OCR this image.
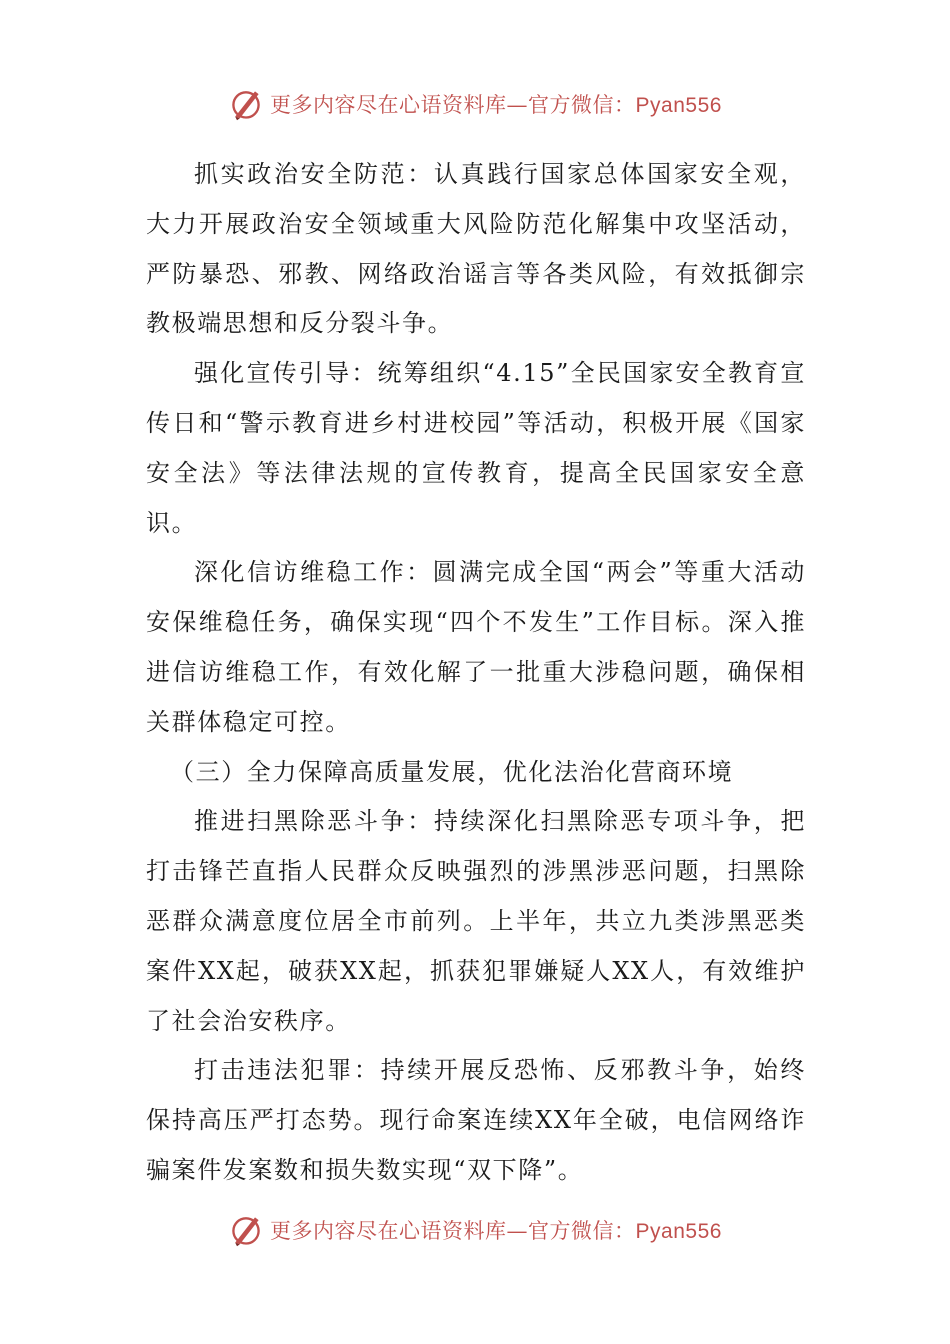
更多内容尽在心语资料库—官方微信：Pyan556

抓实政治安全防范：认真践行国家总体国家安全观，大力开展政治安全领域重大风险防范化解集中攻坚活动，严防暴恐、邪教、网络政治谣言等各类风险，有效抵御宗教极端思想和反分裂斗争。

强化宣传引导：统筹组织“4.15”全民国家安全教育宣传日和“警示教育进乡村进校园”等活动，积极开展《国家安全法》等法律法规的宣传教育，提高全民国家安全意识。

深化信访维稳工作：圆满完成全国“两会”等重大活动安保维稳任务，确保实现“四个不发生”工作目标。深入推进信访维稳工作，有效化解了一批重大涉稳问题，确保相关群体稳定可控。

（三）全力保障高质量发展，优化法治化营商环境

推进扫黑除恶斗争：持续深化扫黑除恶专项斗争，把打击锋芒直指人民群众反映强烈的涉黑涉恶问题，扫黑除恶群众满意度位居全市前列。上半年，共立九类涉黑恶类案件XX起，破获XX起，抓获犯罪嫌疑人XX人，有效维护了社会治安秩序。

打击违法犯罪：持续开展反恐怖、反邪教斗争，始终保持高压严打态势。现行命案连续XX年全破，电信网络诈骗案件发案数和损失数实现“双下降”。

更多内容尽在心语资料库—官方微信：Pyan556
